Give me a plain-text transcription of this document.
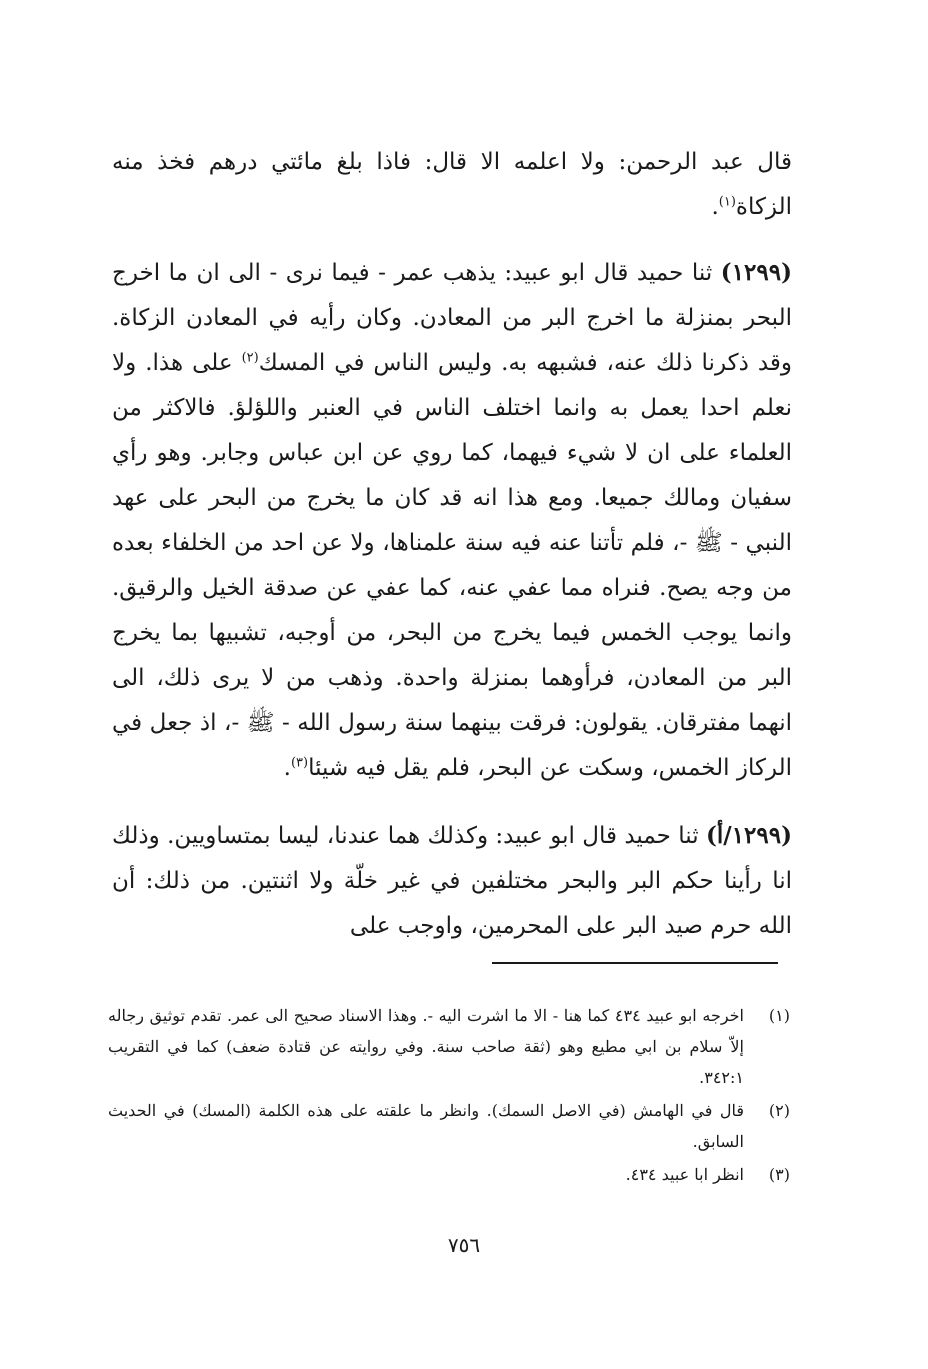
قال عبد الرحمن: ولا اعلمه الا قال: فاذا بلغ مائتي درهم فخذ منه الزكاة$^{(١)}$.

(١٢٩٩) ثنا حميد قال ابو عبيد: يذهب عمر - فيما نرى - الى ان ما اخرج البحر بمنزلة ما اخرج البر من المعادن. وكان رأيه في المعادن الزكاة. وقد ذكرنا ذلك عنه، فشبهه به. وليس الناس في المسك$^{(٢)}$ على هذا. ولا نعلم احدا يعمل به وانما اختلف الناس في العنبر واللؤلؤ. فالاكثر من العلماء على ان لا شيء فيهما، كما روي عن ابن عباس وجابر. وهو رأي سفيان ومالك جميعا. ومع هذا انه قد كان ما يخرج من البحر على عهد النبي - ﷺ -، فلم تأتنا عنه فيه سنة علمناها، ولا عن احد من الخلفاء بعده من وجه يصح. فنراه مما عفي عنه، كما عفي عن صدقة الخيل والرقيق. وانما يوجب الخمس فيما يخرج من البحر، من أوجبه، تشبيها بما يخرج البر من المعادن، فرأوهما بمنزلة واحدة. وذهب من لا يرى ذلك، الى انهما مفترقان. يقولون: فرقت بينهما سنة رسول الله - ﷺ -، اذ جعل في الركاز الخمس، وسكت عن البحر، فلم يقل فيه شيئا$^{(٣)}$.

(١٢٩٩/أ) ثنا حميد قال ابو عبيد: وكذلك هما عندنا، ليسا بمتساويين. وذلك انا رأينا حكم البر والبحر مختلفين في غير خلّة ولا اثنتين. من ذلك: أن الله حرم صيد البر على المحرمين، واوجب على

(١)
اخرجه ابو عبيد ٤٣٤ كما هنا - الا ما اشرت اليه -. وهذا الاسناد صحيح الى عمر. تقدم توثيق رجاله إلاّ سلام بن ابي مطيع وهو (ثقة صاحب سنة. وفي روايته عن قتادة ضعف) كما في التقريب ٣٤٢:١.
(٢)
قال في الهامش (في الاصل السمك). وانظر ما علقته على هذه الكلمة (المسك) في الحديث السابق.
(٣)
انظر ابا عبيد ٤٣٤.
٧٥٦
